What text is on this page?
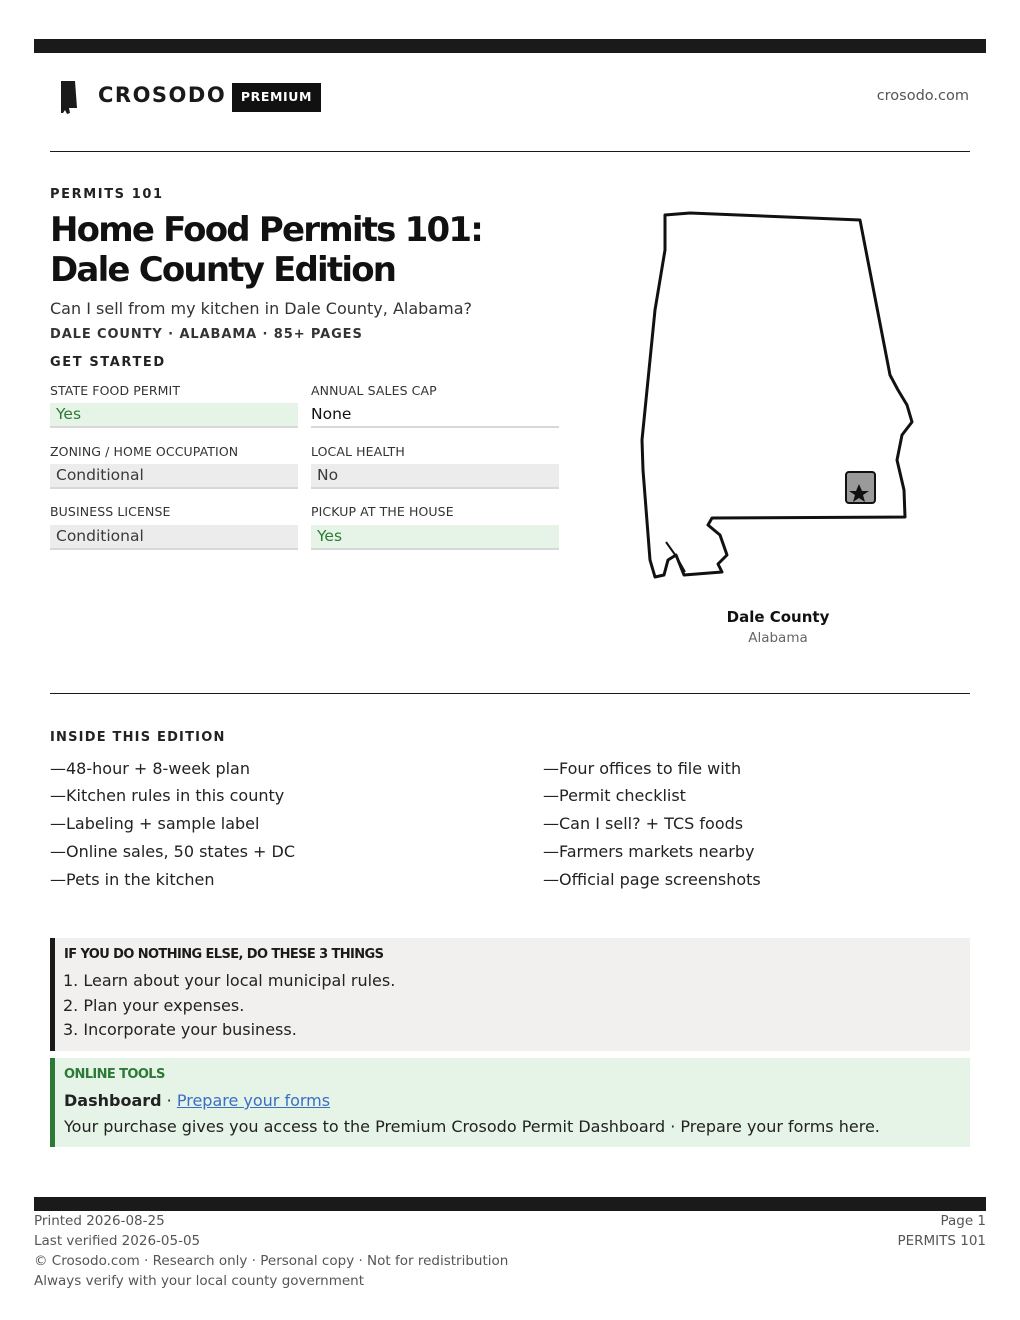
CROSODO	PREMIUM	crosodo.com
PERMITS 101
Home Food Permits 101: Dale County Edition
Can I sell from my kitchen in Dale County, Alabama?
DALE COUNTY · ALABAMA · 85+ PAGES
GET STARTED
STATE FOOD PERMIT
Yes
ANNUAL SALES CAP
None
ZONING / HOME OCCUPATION
Conditional
LOCAL HEALTH
No
BUSINESS LICENSE
Conditional
PICKUP AT THE HOUSE
Yes
Dale County
Alabama
INSIDE THIS EDITION
—48-hour + 8-week plan
—Kitchen rules in this county
—Labeling + sample label
—Online sales, 50 states + DC
—Pets in the kitchen
—Four offices to file with
—Permit checklist
—Can I sell? + TCS foods
—Farmers markets nearby
—Official page screenshots
IF YOU DO NOTHING ELSE, DO THESE 3 THINGS
1. Learn about your local municipal rules.
2. Plan your expenses.
3. Incorporate your business.
ONLINE TOOLS
Dashboard · Prepare your forms
Your purchase gives you access to the Premium Crosodo Permit Dashboard · Prepare your forms here.
Printed 2026-08-25
Last verified 2026-05-05
© Crosodo.com · Research only · Personal copy · Not for redistribution
Always verify with your local county government
Page 1
PERMITS 101
